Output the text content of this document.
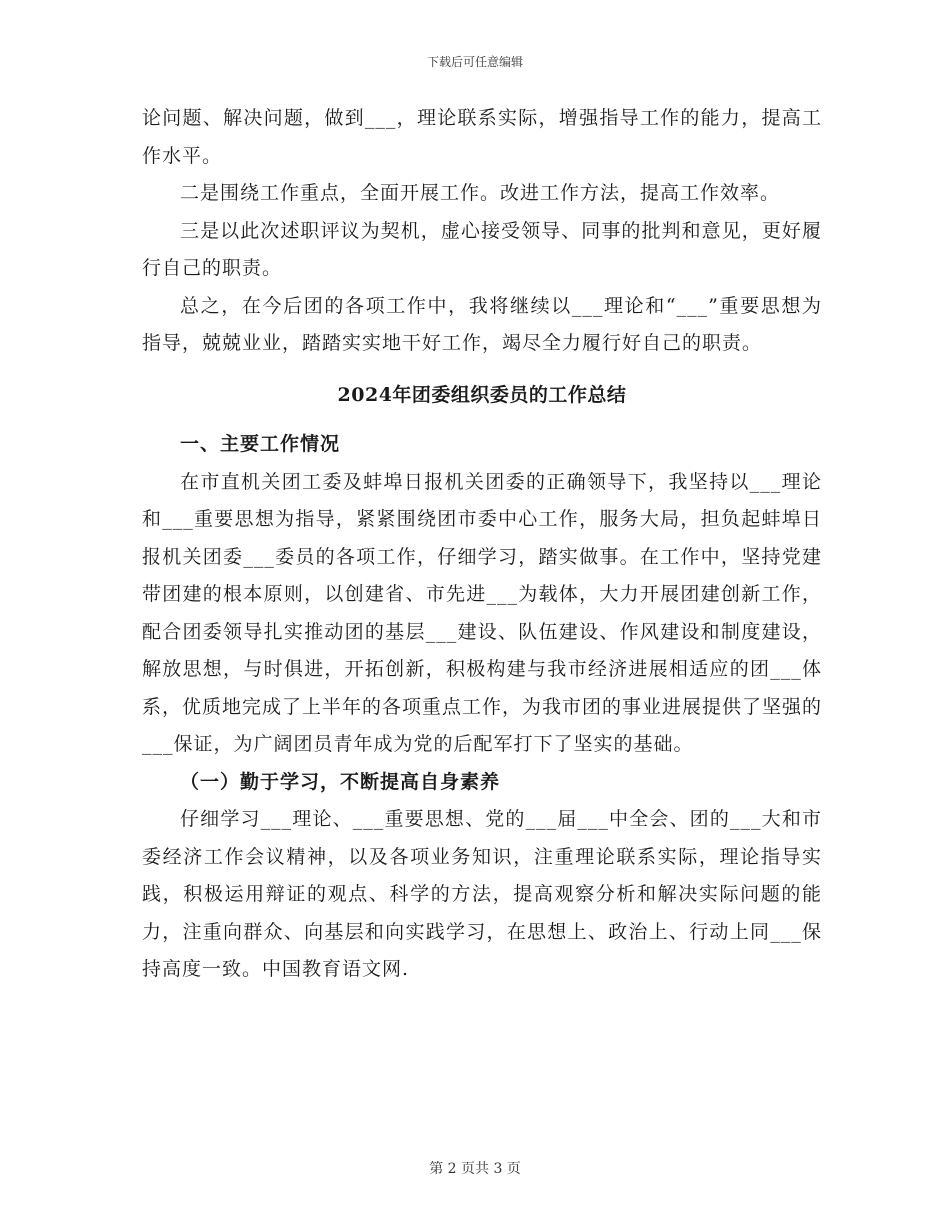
下载后可任意编辑

论问题、解决问题，做到___，理论联系实际，增强指导工作的能力，提高工作水平。

二是围绕工作重点，全面开展工作。改进工作方法，提高工作效率。

三是以此次述职评议为契机，虚心接受领导、同事的批判和意见，更好履行自己的职责。

总之，在今后团的各项工作中，我将继续以___理论和“___”重要思想为指导，兢兢业业，踏踏实实地干好工作，竭尽全力履行好自己的职责。

2024年团委组织委员的工作总结

一、主要工作情况

在市直机关团工委及蚌埠日报机关团委的正确领导下，我坚持以___理论和___重要思想为指导，紧紧围绕团市委中心工作，服务大局，担负起蚌埠日报机关团委___委员的各项工作，仔细学习，踏实做事。在工作中，坚持党建带团建的根本原则，以创建省、市先进___为载体，大力开展团建创新工作，配合团委领导扎实推动团的基层___建设、队伍建设、作风建设和制度建设，解放思想，与时俱进，开拓创新，积极构建与我市经济进展相适应的团___体系，优质地完成了上半年的各项重点工作，为我市团的事业进展提供了坚强的___保证，为广阔团员青年成为党的后配军打下了坚实的基础。

（一）勤于学习，不断提高自身素养

仔细学习___理论、___重要思想、党的___届___中全会、团的___大和市委经济工作会议精神，以及各项业务知识，注重理论联系实际，理论指导实践，积极运用辩证的观点、科学的方法，提高观察分析和解决实际问题的能力，注重向群众、向基层和向实践学习，在思想上、政治上、行动上同___保持高度一致。中国教育语文网.

第 2 页共 3 页
